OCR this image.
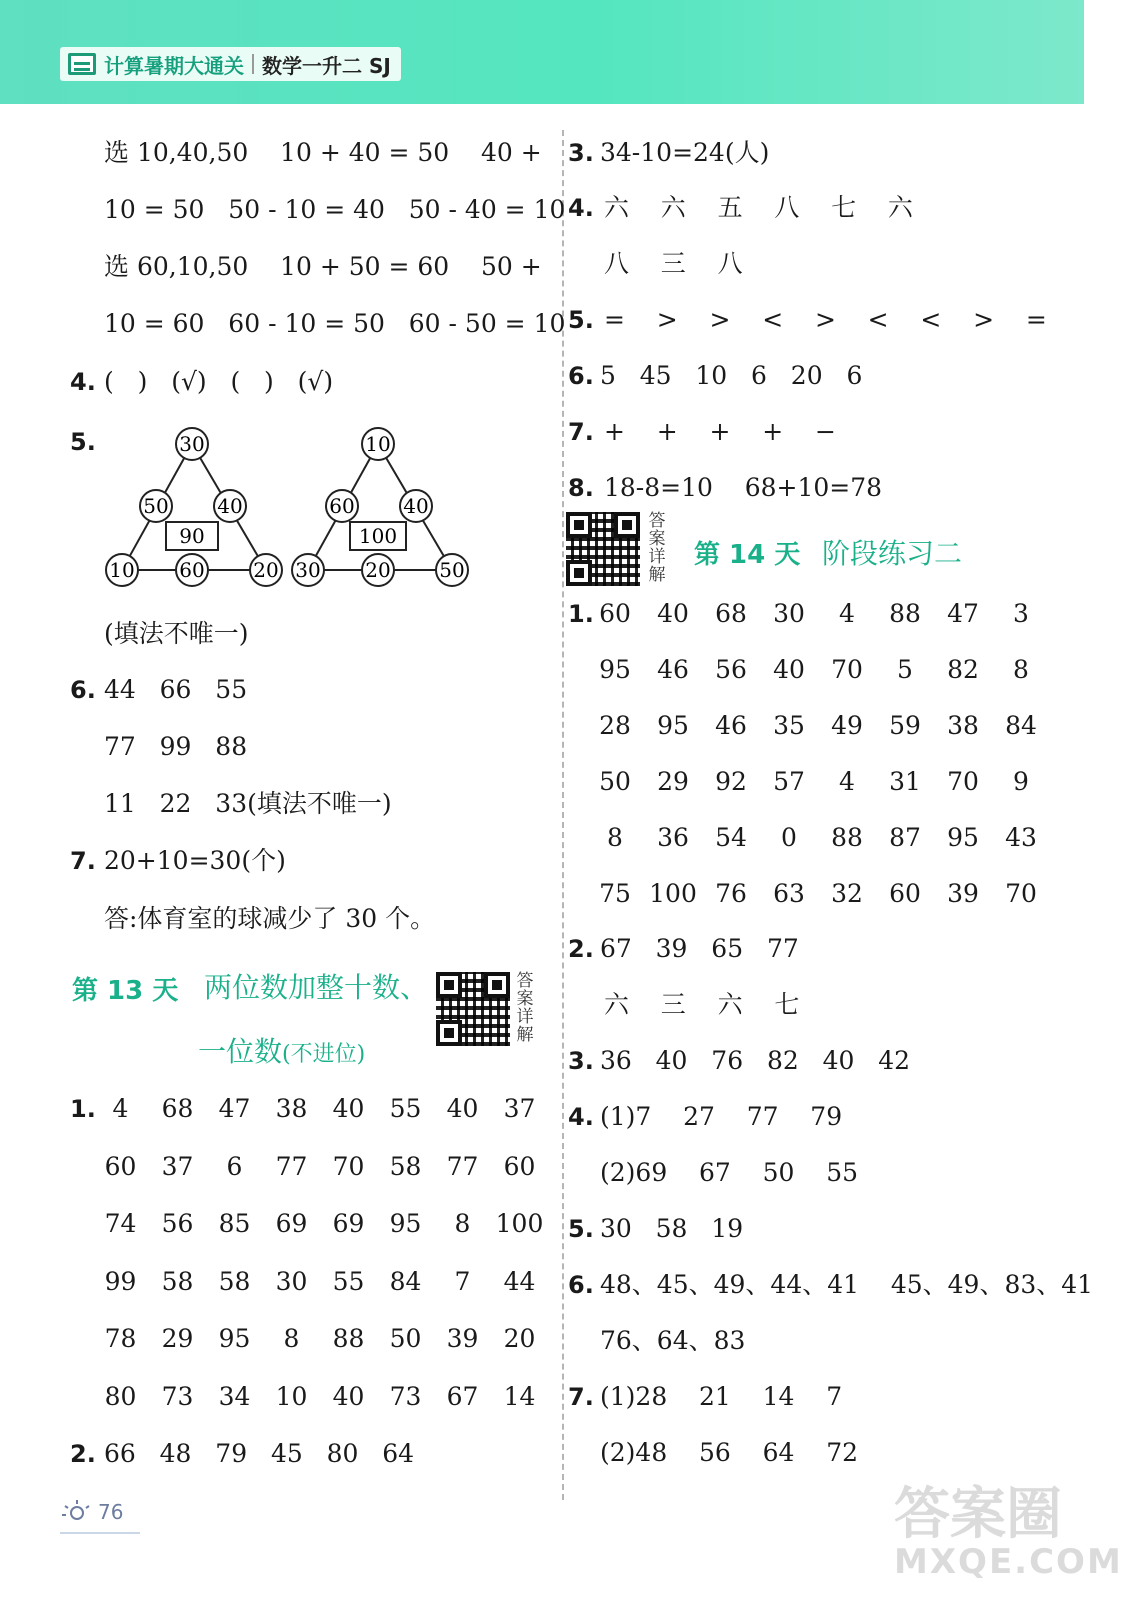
计算暑期大通关 数学一升二 SJ
选 10,40,50    10 + 40 = 50    40 +
10 = 50   50 - 10 = 40   50 - 40 = 10
选 60,10,50    10 + 50 = 60    50 +
10 = 60   60 - 10 = 50   60 - 50 = 10
4. (   )   (√)   (   )   (√)
5.
90
30
50 40
10 60 20
100
10
60 40
30 20 50
(填法不唯一)
6. 44   66   55
77   99   88
11   22   33(填法不唯一)
7. 20+10=30(个)
答:体育室的球减少了 30 个。
第 13 天 两位数加整十数、
一位数(不进位)
答案详解
1. 4	68	47	38	40	55	40	37
60	37	6	77	70	58	77	60
74	56	85	69	69	95	8	100
99	58	58	30	55	84	7	44
78	29	95	8	88	50	39	20
80	73	34	10	40	73	67	14
2. 66   48   79   45   80   64
3. 34-10=24(人)
4. 六    六    五    八    七    六
八    三    八
5. =    >    >    <    >    <    <    >    =
6. 5   45   10   6   20   6
7. +    +    +    +    −
8. 18-8=10    68+10=78
答案详解
第 14 天 阶段练习二
1. 60	40	68	30	4	88	47	3
95	46	56	40	70	5	82	8
28	95	46	35	49	59	38	84
50	29	92	57	4	31	70	9
8	36	54	0	88	87	95	43
75 100 76	63	32	60	39	70
2. 67   39   65   77
六    三    六    七
3. 36   40   76   82   40   42
4. (1)7    27    77    79
(2)69    67    50    55
5. 30   58   19
6. 48、45、49、44、41    45、49、83、41
76、64、83
7. (1)28    21    14    7
(2)48    56    64    72
76	答案圈
MXQE.COM
